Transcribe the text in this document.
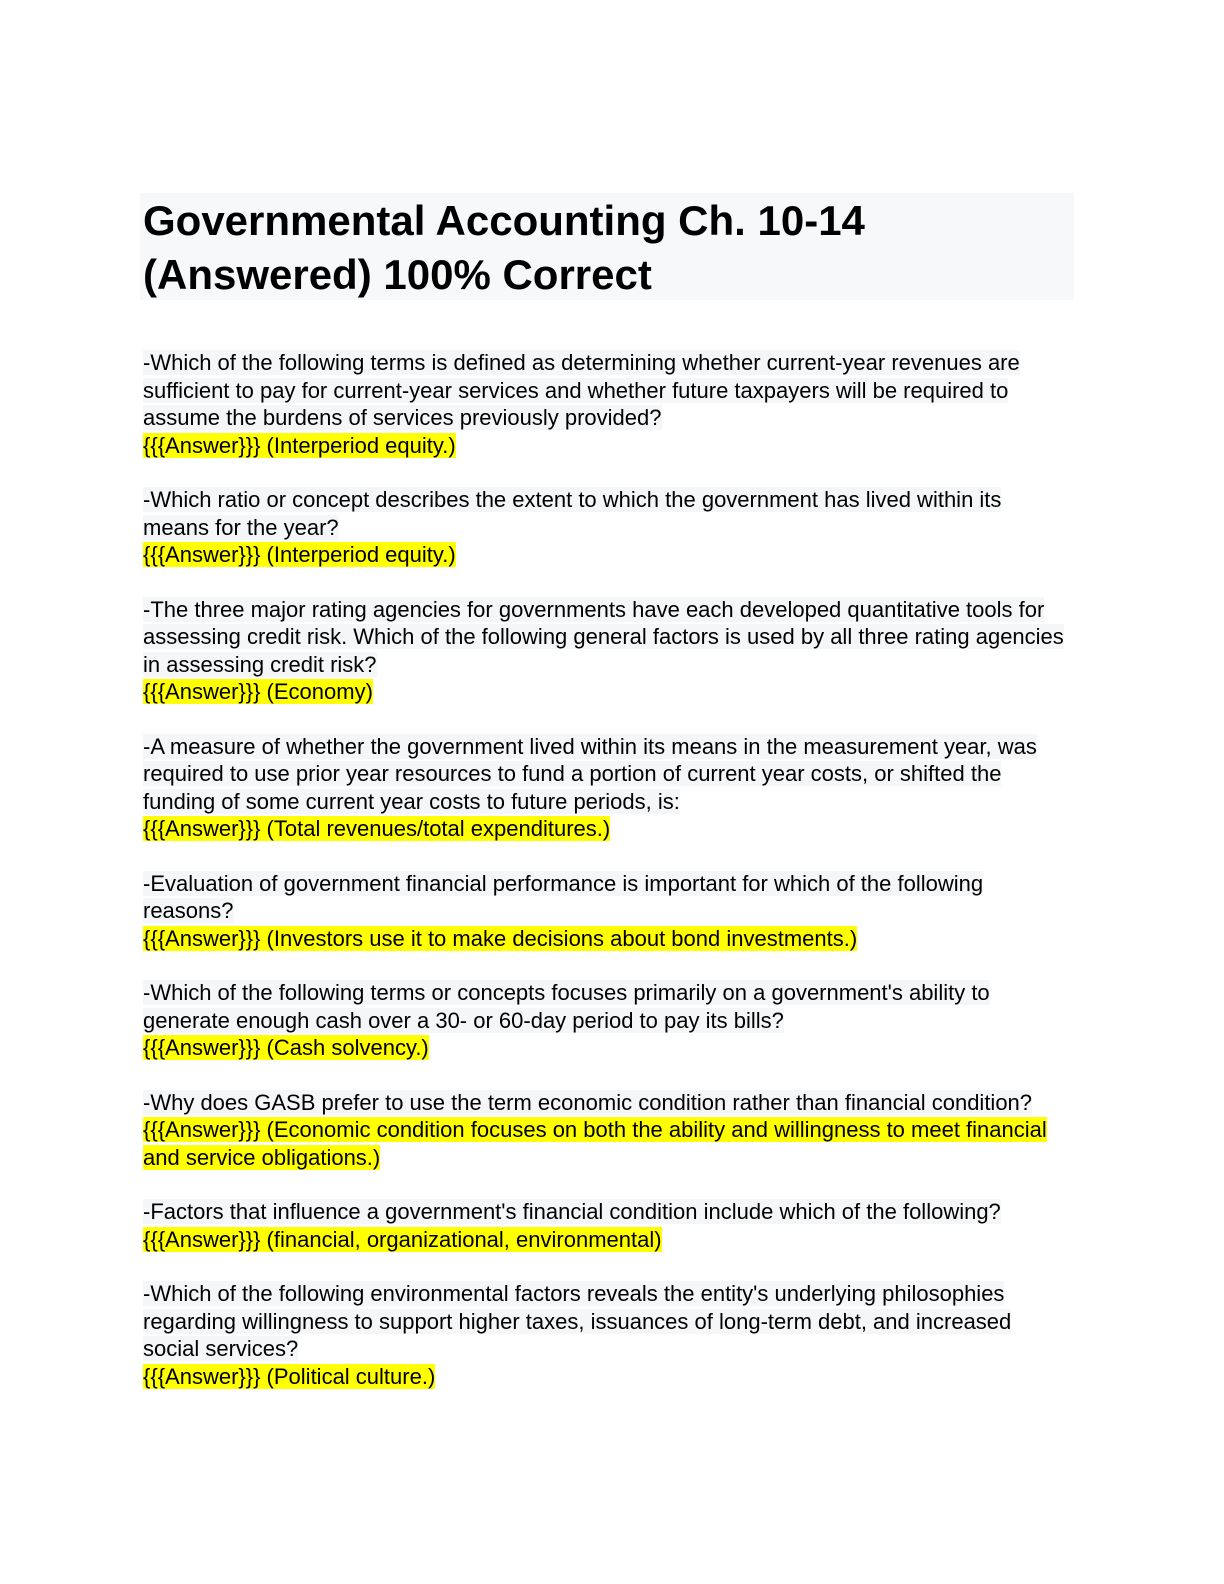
Governmental Accounting Ch. 10-14
(Answered) 100% Correct
-Which of the following terms is defined as determining whether current-year revenues are sufficient to pay for current-year services and whether future taxpayers will be required to assume the burdens of services previously provided?
{{{Answer}}} (Interperiod equity.)
-Which ratio or concept describes the extent to which the government has lived within its means for the year?
{{{Answer}}} (Interperiod equity.)
-The three major rating agencies for governments have each developed quantitative tools for assessing credit risk. Which of the following general factors is used by all three rating agencies in assessing credit risk?
{{{Answer}}} (Economy)
-A measure of whether the government lived within its means in the measurement year, was required to use prior year resources to fund a portion of current year costs, or shifted the funding of some current year costs to future periods, is:
{{{Answer}}} (Total revenues/total expenditures.)
-Evaluation of government financial performance is important for which of the following reasons?
{{{Answer}}} (Investors use it to make decisions about bond investments.)
-Which of the following terms or concepts focuses primarily on a government's ability to generate enough cash over a 30- or 60-day period to pay its bills?
{{{Answer}}} (Cash solvency.)
-Why does GASB prefer to use the term economic condition rather than financial condition?
{{{Answer}}} (Economic condition focuses on both the ability and willingness to meet financial and service obligations.)
-Factors that influence a government's financial condition include which of the following?
{{{Answer}}} (financial, organizational, environmental)
-Which of the following environmental factors reveals the entity's underlying philosophies regarding willingness to support higher taxes, issuances of long-term debt, and increased social services?
{{{Answer}}} (Political culture.)
